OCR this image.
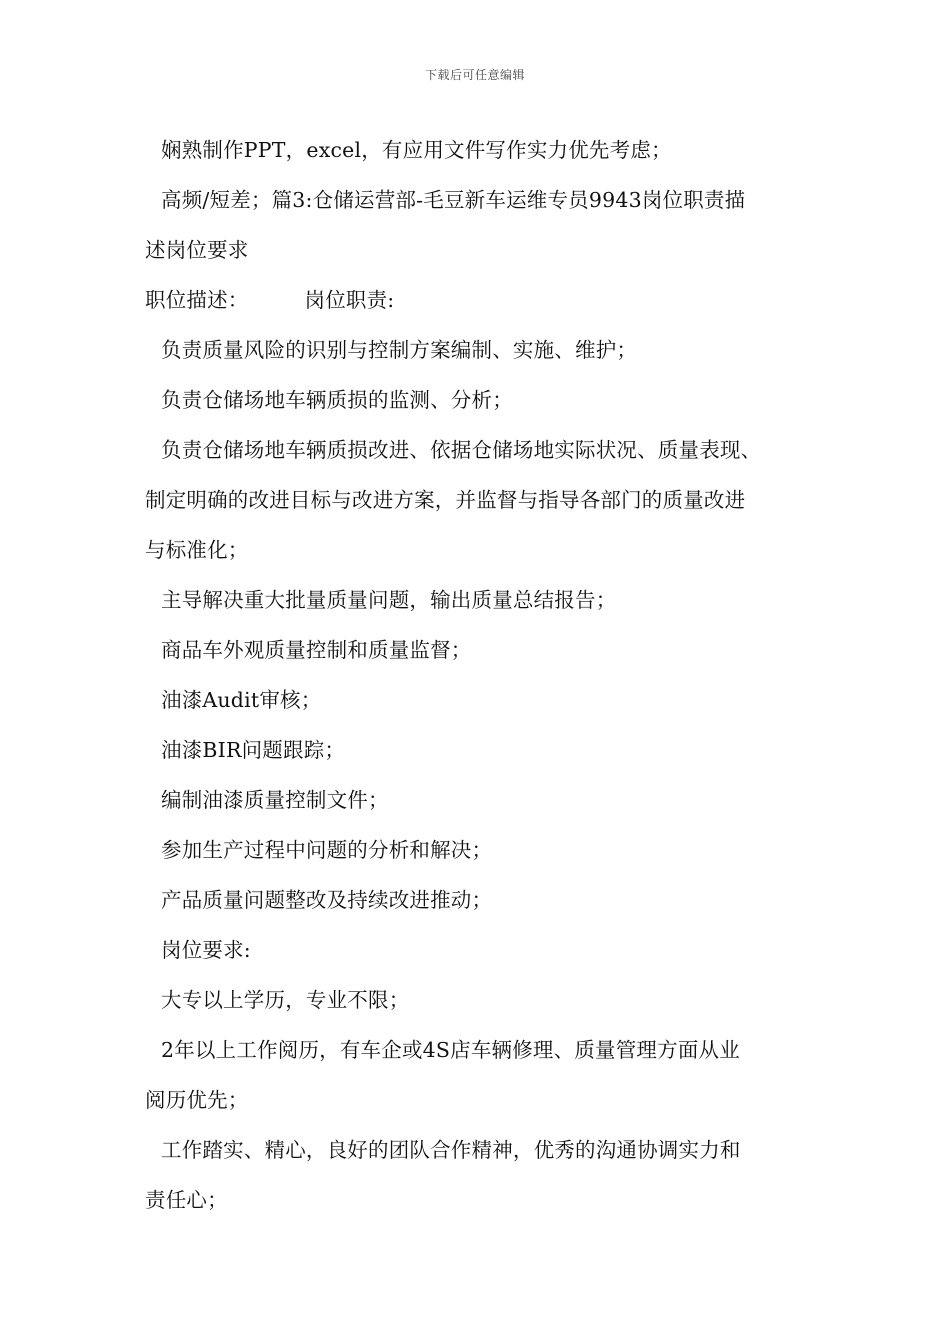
下载后可任意编辑
娴熟制作PPT，excel，有应用文件写作实力优先考虑；
高频/短差；篇3:仓储运营部-毛豆新车运维专员9943岗位职责描
述岗位要求
职位描述：	岗位职责:
负责质量风险的识别与控制方案编制、实施、维护；
负责仓储场地车辆质损的监测、分析；
负责仓储场地车辆质损改进、依据仓储场地实际状况、质量表现、
制定明确的改进目标与改进方案，并监督与指导各部门的质量改进
与标准化；
主导解决重大批量质量问题，输出质量总结报告；
商品车外观质量控制和质量监督；
油漆Audit审核；
油漆BIR问题跟踪；
编制油漆质量控制文件；
参加生产过程中问题的分析和解决；
产品质量问题整改及持续改进推动；
岗位要求:
大专以上学历，专业不限；
2年以上工作阅历，有车企或4S店车辆修理、质量管理方面从业
阅历优先；
工作踏实、精心，良好的团队合作精神，优秀的沟通协调实力和
责任心；
